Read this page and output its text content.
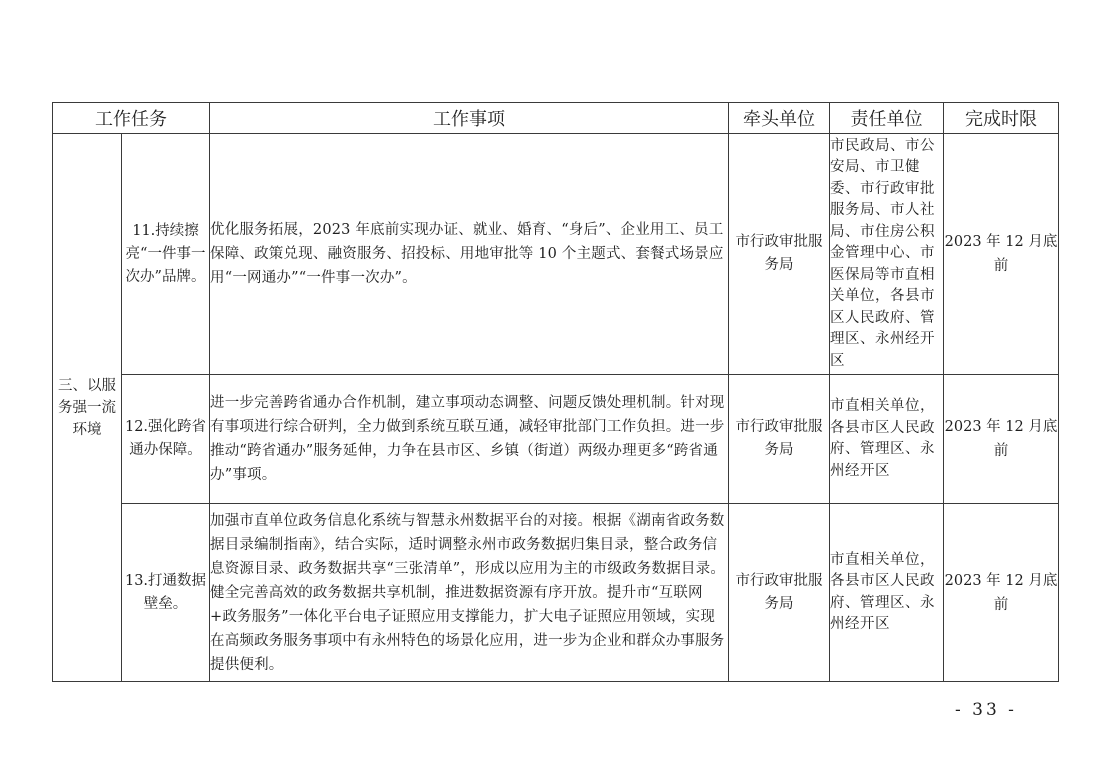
工作任务		工作事项	牵头单位	责任单位	完成时限
三、以服务强一流环境	11.持续擦亮“一件事一次办”品牌。	优化服务拓展，2023 年底前实现办证、就业、婚育、“身后”、企业用工、员工保障、政策兑现、融资服务、招投标、用地审批等 10 个主题式、套餐式场景应用“一网通办”“一件事一次办”。	市行政审批服务局	市民政局、市公安局、市卫健委、市行政审批服务局、市人社局、市住房公积金管理中心、市医保局等市直相关单位，各县市区人民政府、管理区、永州经开区	2023 年 12 月底前
	12.强化跨省通办保障。	进一步完善跨省通办合作机制，建立事项动态调整、问题反馈处理机制。针对现有事项进行综合研判，全力做到系统互联互通，减轻审批部门工作负担。进一步推动“跨省通办”服务延伸，力争在县市区、乡镇（街道）两级办理更多“跨省通办”事项。	市行政审批服务局	市直相关单位，各县市区人民政府、管理区、永州经开区	2023 年 12 月底前
	13.打通数据壁垒。	加强市直单位政务信息化系统与智慧永州数据平台的对接。根据《湖南省政务数据目录编制指南》，结合实际，适时调整永州市政务数据归集目录，整合政务信息资源目录、政务数据共享“三张清单”，形成以应用为主的市级政务数据目录。健全完善高效的政务数据共享机制，推进数据资源有序开放。提升市“互联网+政务服务”一体化平台电子证照应用支撑能力，扩大电子证照应用领域，实现在高频政务服务事项中有永州特色的场景化应用，进一步为企业和群众办事服务提供便利。	市行政审批服务局	市直相关单位，各县市区人民政府、管理区、永州经开区	2023 年 12 月底前
- 33 -
